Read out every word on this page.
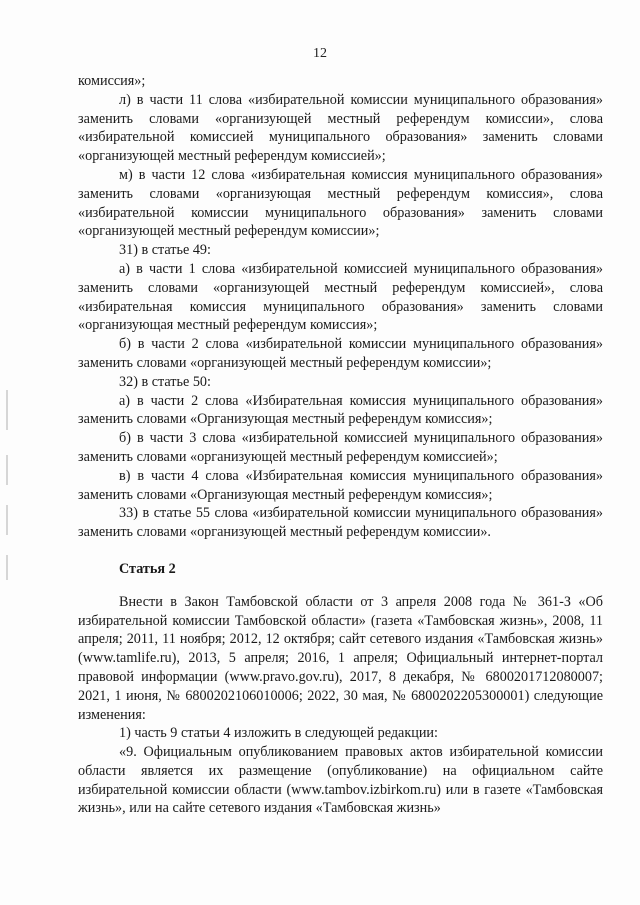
12

комиссия»;

л) в части 11 слова «избирательной комиссии муниципального образования» заменить словами «организующей местный референдум комиссии», слова «избирательной комиссией муниципального образования» заменить словами «организующей местный референдум комиссией»;

м) в части 12 слова «избирательная комиссия муниципального образования» заменить словами «организующая местный референдум комиссия», слова «избирательной комиссии муниципального образования» заменить словами «организующей местный референдум комиссии»;

31) в статье 49:

а) в части 1 слова «избирательной комиссией муниципального образования» заменить словами «организующей местный референдум комиссией», слова «избирательная комиссия муниципального образования» заменить словами «организующая местный референдум комиссия»;

б) в части 2 слова «избирательной комиссии муниципального образования» заменить словами «организующей местный референдум комиссии»;

32) в статье 50:

а) в части 2 слова «Избирательная комиссия муниципального образования» заменить словами «Организующая местный референдум комиссия»;

б) в части 3 слова «избирательной комиссией муниципального образования» заменить словами «организующей местный референдум комиссией»;

в) в части 4 слова «Избирательная комиссия муниципального образования» заменить словами «Организующая местный референдум комиссия»;

33) в статье 55 слова «избирательной комиссии муниципального образования» заменить словами «организующей местный референдум комиссии».

Статья 2

Внести в Закон Тамбовской области от 3 апреля 2008 года № 361-З «Об избирательной комиссии Тамбовской области» (газета «Тамбовская жизнь», 2008, 11 апреля; 2011, 11 ноября; 2012, 12 октября; сайт сетевого издания «Тамбовская жизнь» (www.tamlife.ru), 2013, 5 апреля; 2016, 1 апреля; Официальный интернет-портал правовой информации (www.pravo.gov.ru), 2017, 8 декабря, № 6800201712080007; 2021, 1 июня, № 6800202106010006; 2022, 30 мая, № 6800202205300001) следующие изменения:

1) часть 9 статьи 4 изложить в следующей редакции:

«9. Официальным опубликованием правовых актов избирательной комиссии области является их размещение (опубликование) на официальном сайте избирательной комиссии области (www.tambov.izbirkom.ru) или в газете «Тамбовская жизнь», или на сайте сетевого издания «Тамбовская жизнь»
